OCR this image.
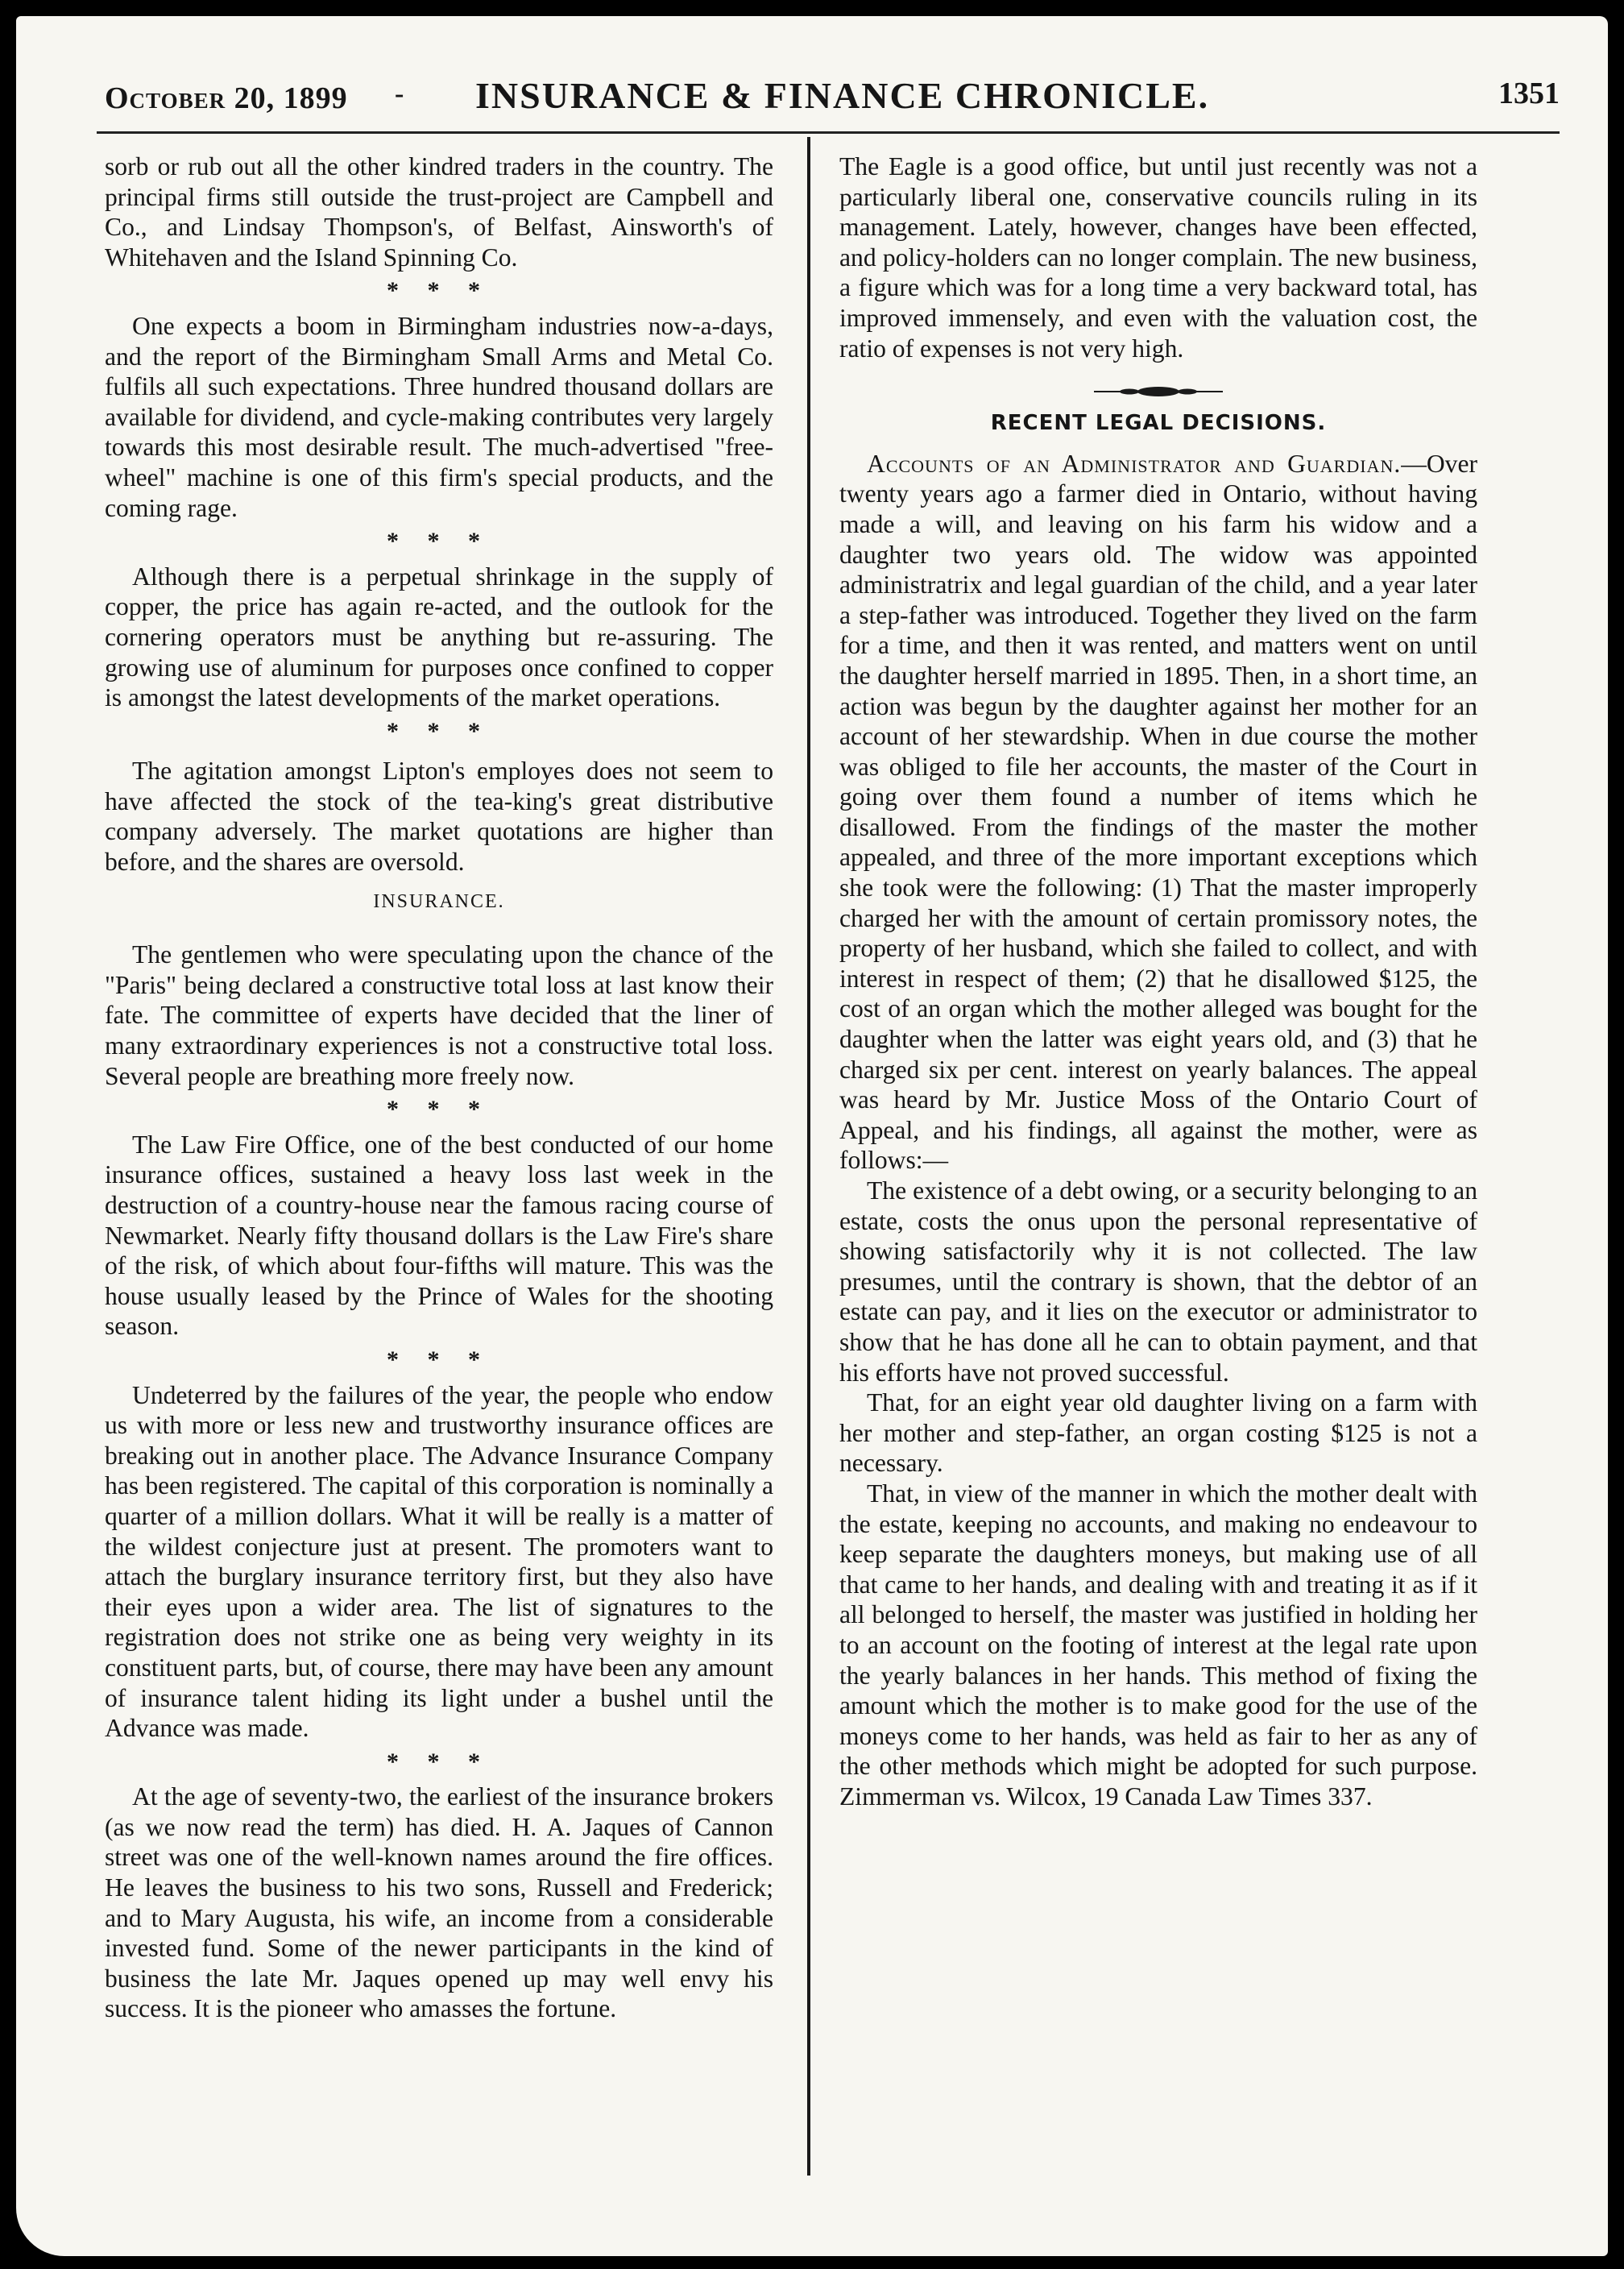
October 20, 1899 - INSURANCE & FINANCE CHRONICLE.	1351

sorb or rub out all the other kindred traders in the country. The principal firms still outside the trust-project are Campbell and Co., and Lindsay Thompson's, of Belfast, Ainsworth's of Whitehaven and the Island Spinning Co.

* * *

One expects a boom in Birmingham industries now-a-days, and the report of the Birmingham Small Arms and Metal Co. fulfils all such expectations. Three hundred thousand dollars are available for dividend, and cycle-making contributes very largely towards this most desirable result. The much-advertised "free-wheel" machine is one of this firm's special products, and the coming rage.

* * *

Although there is a perpetual shrinkage in the supply of copper, the price has again re-acted, and the outlook for the cornering operators must be anything but re-assuring. The growing use of aluminum for purposes once confined to copper is amongst the latest developments of the market operations.

* * *

The agitation amongst Lipton's employes does not seem to have affected the stock of the tea-king's great distributive company adversely. The market quotations are higher than before, and the shares are oversold.

INSURANCE.

The gentlemen who were speculating upon the chance of the "Paris" being declared a constructive total loss at last know their fate. The committee of experts have decided that the liner of many extraordinary experiences is not a constructive total loss. Several people are breathing more freely now.

* * *

The Law Fire Office, one of the best conducted of our home insurance offices, sustained a heavy loss last week in the destruction of a country-house near the famous racing course of Newmarket. Nearly fifty thousand dollars is the Law Fire's share of the risk, of which about four-fifths will mature. This was the house usually leased by the Prince of Wales for the shooting season.

* * *

Undeterred by the failures of the year, the people who endow us with more or less new and trustworthy insurance offices are breaking out in another place. The Advance Insurance Company has been registered. The capital of this corporation is nominally a quarter of a million dollars. What it will be really is a matter of the wildest conjecture just at present. The promoters want to attach the burglary insurance territory first, but they also have their eyes upon a wider area. The list of signatures to the registration does not strike one as being very weighty in its constituent parts, but, of course, there may have been any amount of insurance talent hiding its light under a bushel until the Advance was made.

* * *

At the age of seventy-two, the earliest of the insurance brokers (as we now read the term) has died. H. A. Jaques of Cannon street was one of the well-known names around the fire offices. He leaves the business to his two sons, Russell and Frederick; and to Mary Augusta, his wife, an income from a considerable invested fund. Some of the newer participants in the kind of business the late Mr. Jaques opened up may well envy his success. It is the pioneer who amasses the fortune.

The Eagle is a good office, but until just recently was not a particularly liberal one, conservative councils ruling in its management. Lately, however, changes have been effected, and policy-holders can no longer complain. The new business, a figure which was for a long time a very backward total, has improved immensely, and even with the valuation cost, the ratio of expenses is not very high.

RECENT LEGAL DECISIONS.

Accounts of an Administrator and Guardian.—Over twenty years ago a farmer died in Ontario, without having made a will, and leaving on his farm his widow and a daughter two years old. The widow was appointed administratrix and legal guardian of the child, and a year later a step-father was introduced. Together they lived on the farm for a time, and then it was rented, and matters went on until the daughter herself married in 1895. Then, in a short time, an action was begun by the daughter against her mother for an account of her stewardship. When in due course the mother was obliged to file her accounts, the master of the Court in going over them found a number of items which he disallowed. From the findings of the master the mother appealed, and three of the more important exceptions which she took were the following: (1) That the master improperly charged her with the amount of certain promissory notes, the property of her husband, which she failed to collect, and with interest in respect of them; (2) that he disallowed $125, the cost of an organ which the mother alleged was bought for the daughter when the latter was eight years old, and (3) that he charged six per cent. interest on yearly balances. The appeal was heard by Mr. Justice Moss of the Ontario Court of Appeal, and his findings, all against the mother, were as follows:—

The existence of a debt owing, or a security belonging to an estate, costs the onus upon the personal representative of showing satisfactorily why it is not collected. The law presumes, until the contrary is shown, that the debtor of an estate can pay, and it lies on the executor or administrator to show that he has done all he can to obtain payment, and that his efforts have not proved successful.

That, for an eight year old daughter living on a farm with her mother and step-father, an organ costing $125 is not a necessary.

That, in view of the manner in which the mother dealt with the estate, keeping no accounts, and making no endeavour to keep separate the daughters moneys, but making use of all that came to her hands, and dealing with and treating it as if it all belonged to herself, the master was justified in holding her to an account on the footing of interest at the legal rate upon the yearly balances in her hands. This method of fixing the amount which the mother is to make good for the use of the moneys come to her hands, was held as fair to her as any of the other methods which might be adopted for such purpose. Zimmerman vs. Wilcox, 19 Canada Law Times 337.
